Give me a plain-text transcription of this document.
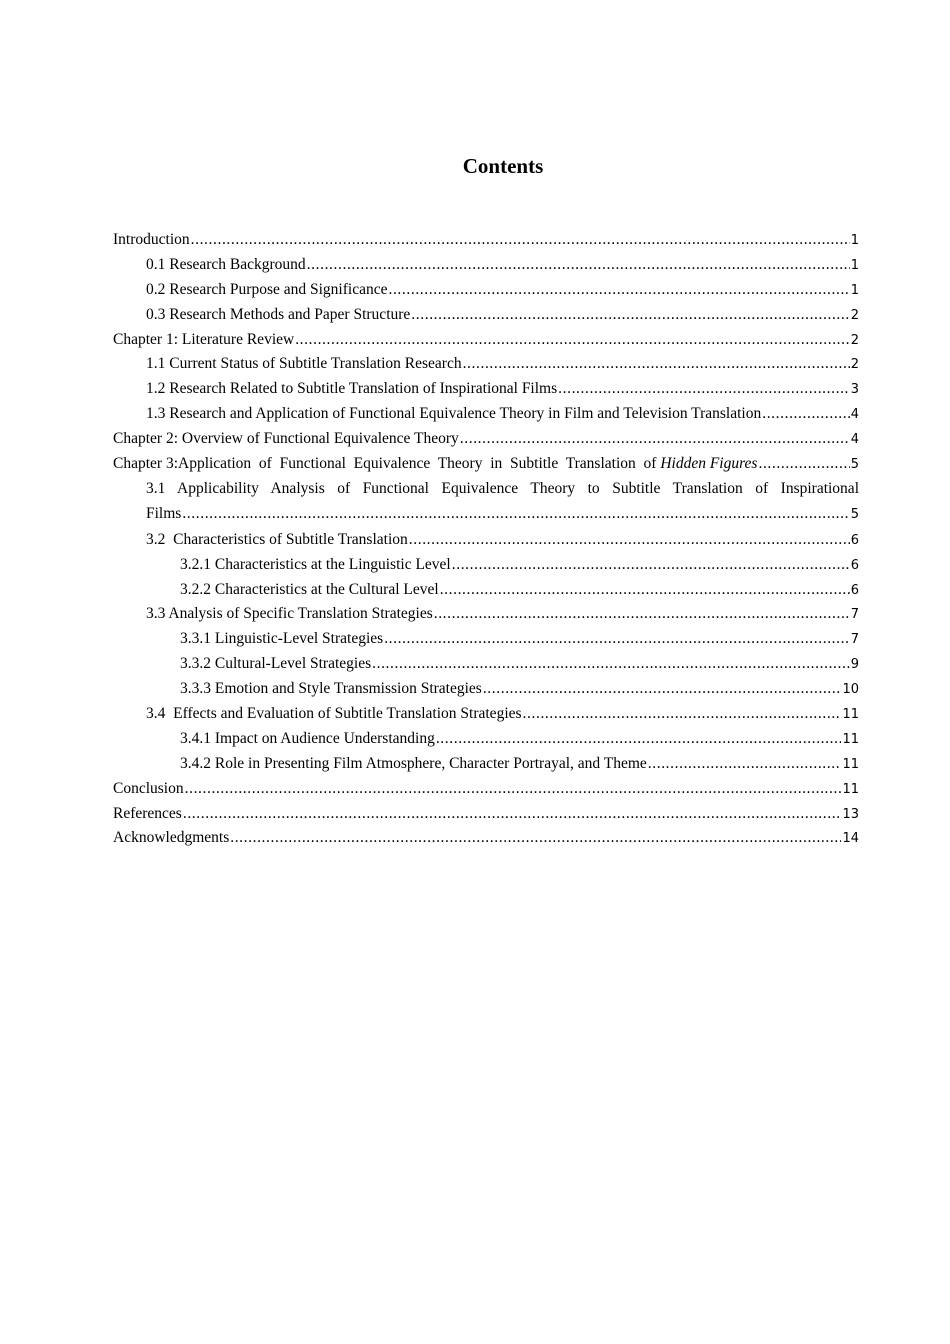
Contents
Introduction .....	1
0.1 Research Background .....	1
0.2 Research Purpose and Significance .....	1
0.3 Research Methods and Paper Structure .....	2
Chapter 1: Literature Review .....	2
1.1 Current Status of Subtitle Translation Research .....	2
1.2 Research Related to Subtitle Translation of Inspirational Films .....	3
1.3 Research and Application of Functional Equivalence Theory in Film and Television Translation .....	4
Chapter 2: Overview of Functional Equivalence Theory .....	4
Chapter 3:Application  of  Functional  Equivalence  Theory  in  Subtitle  Translation  of Hidden Figures .....	5
3.1 Applicability Analysis of Functional Equivalence Theory to Subtitle Translation of Inspirational
Films .....	5
3.2  Characteristics of Subtitle Translation .....	6
3.2.1 Characteristics at the Linguistic Level .....	6
3.2.2 Characteristics at the Cultural Level .....	6
3.3 Analysis of Specific Translation Strategies .....	7
3.3.1 Linguistic-Level Strategies .....	7
3.3.2 Cultural-Level Strategies .....	9
3.3.3 Emotion and Style Transmission Strategies .....	10
3.4  Effects and Evaluation of Subtitle Translation Strategies .....	11
3.4.1 Impact on Audience Understanding .....	11
3.4.2 Role in Presenting Film Atmosphere, Character Portrayal, and Theme .....	11
Conclusion .....	11
References .....	13
Acknowledgments .....	14
